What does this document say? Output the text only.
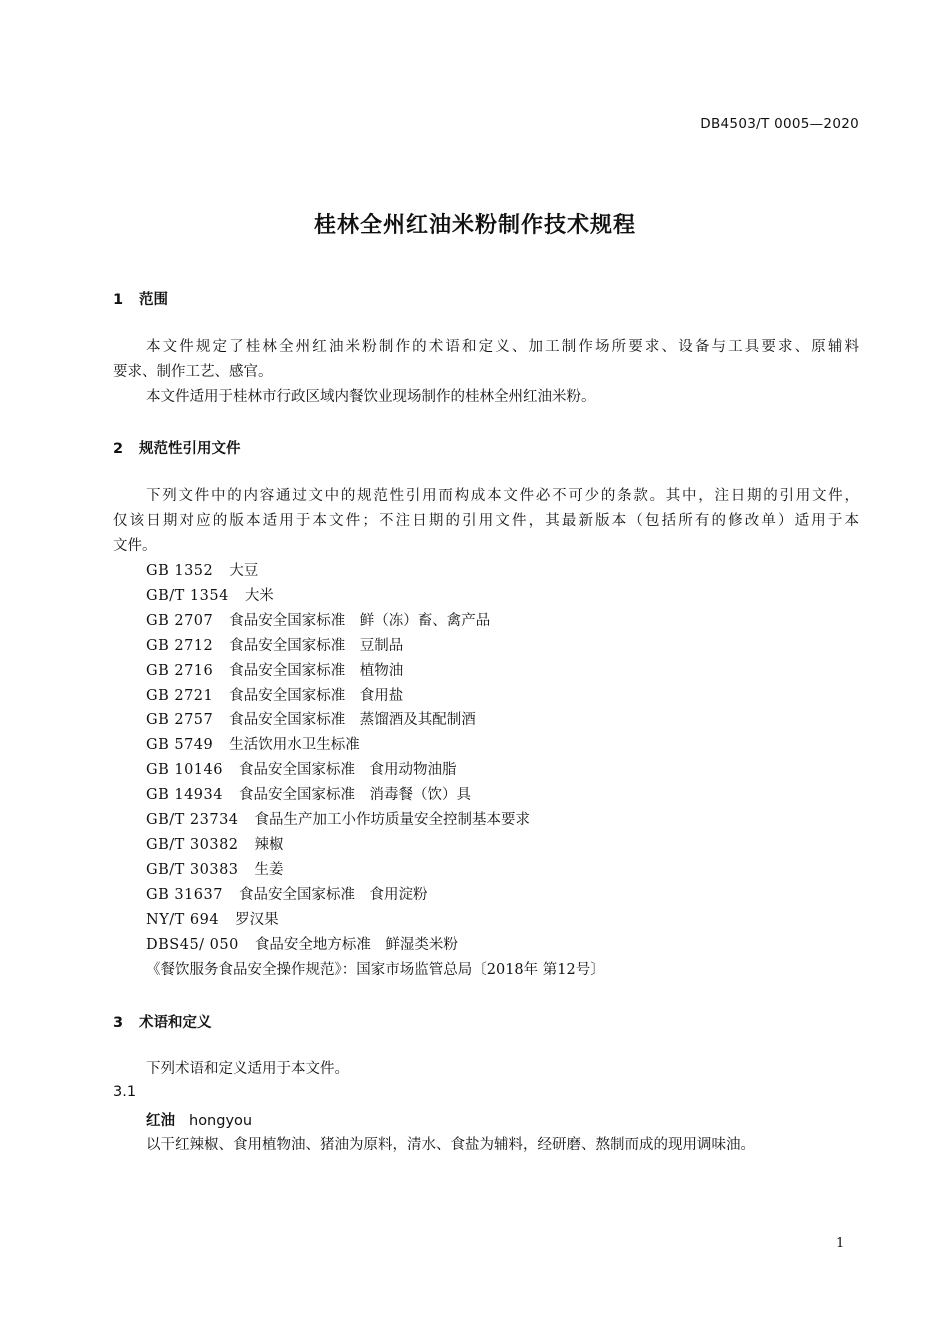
DB4503/T 0005—2020
桂林全州红油米粉制作技术规程
1 范围
本文件规定了桂林全州红油米粉制作的术语和定义、加工制作场所要求、设备与工具要求、原辅料
要求、制作工艺、感官。
本文件适用于桂林市行政区域内餐饮业现场制作的桂林全州红油米粉。
2 规范性引用文件
下列文件中的内容通过文中的规范性引用而构成本文件必不可少的条款。其中，注日期的引用文件，
仅该日期对应的版本适用于本文件；不注日期的引用文件，其最新版本（包括所有的修改单）适用于本
文件。
GB 1352 大豆
GB/T 1354 大米
GB 2707 食品安全国家标准　鲜（冻）畜、禽产品
GB 2712 食品安全国家标准　豆制品
GB 2716 食品安全国家标准　植物油
GB 2721 食品安全国家标准　食用盐
GB 2757 食品安全国家标准　蒸馏酒及其配制酒
GB 5749 生活饮用水卫生标准
GB 10146 食品安全国家标准　食用动物油脂
GB 14934 食品安全国家标准　消毒餐（饮）具
GB/T 23734 食品生产加工小作坊质量安全控制基本要求
GB/T 30382 辣椒
GB/T 30383 生姜
GB 31637 食品安全国家标准　食用淀粉
NY/T 694 罗汉果
DBS45/ 050 食品安全地方标准　鲜湿类米粉
《餐饮服务食品安全操作规范》：国家市场监管总局〔2018年 第12号〕
3 术语和定义
下列术语和定义适用于本文件。
3.1
红油 hongyou
以干红辣椒、食用植物油、猪油为原料，清水、食盐为辅料，经研磨、熬制而成的现用调味油。
1
